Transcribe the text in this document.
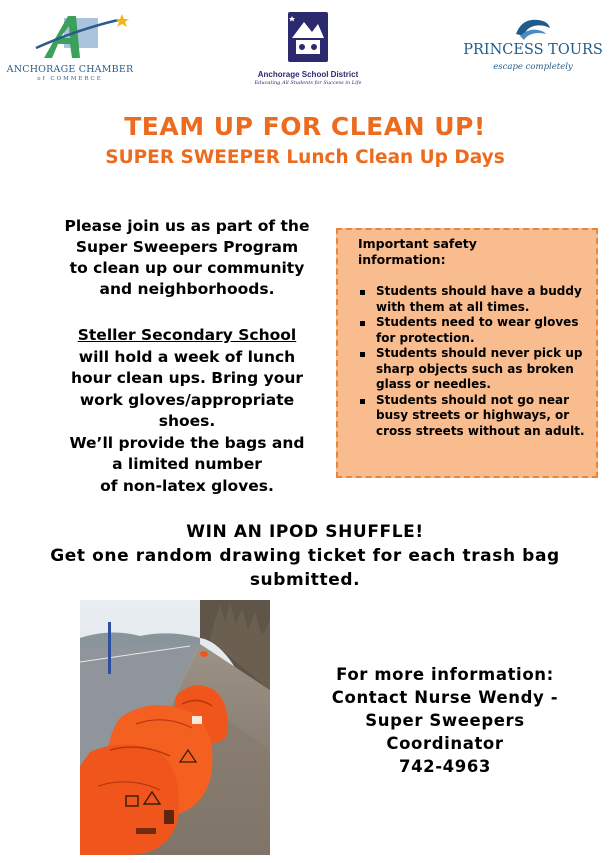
ANCHORAGE CHAMBER
of COMMERCE	Anchorage School District
Educating All Students for Success in Life
PRINCESS TOURS
escape completely
TEAM UP FOR CLEAN UP!
SUPER SWEEPER Lunch Clean Up Days

Please join us as part of the

Super Sweepers Program

to clean up our community

and neighborhoods.

Steller Secondary School

will hold a week of lunch

hour clean ups. Bring your

work gloves/appropriate

shoes.

We’ll provide the bags and

a limited number

of non-latex gloves.

Important safety information:
Students should have a buddy with them at all times.
Students need to wear gloves for protection.
Students should never pick up sharp objects such as broken glass or needles.
Students should not go near busy streets or highways, or cross streets without an adult.

WIN AN IPOD SHUFFLE!

Get one random drawing ticket for each trash bag submitted.

For more information:

Contact Nurse Wendy -

Super Sweepers

Coordinator

742-4963
